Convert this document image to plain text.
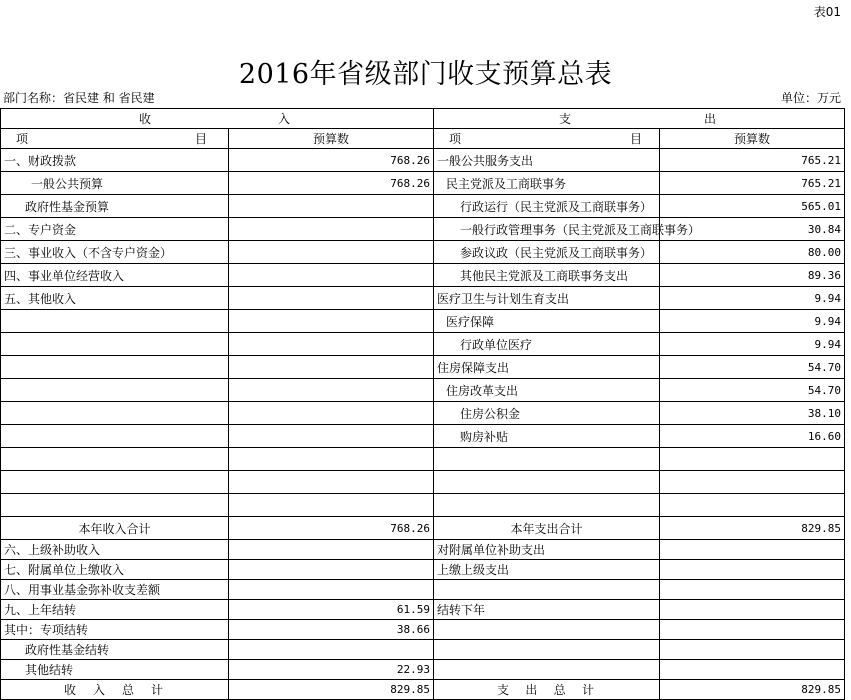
表01
2016年省级部门收支预算总表
部门名称：省民建 和 省民建	单位：万元
收 入		支 出	

项 目	预算数	项 目	预算数
一、财政拨款	768.26	一般公共服务支出	765.21
一般公共预算	768.26	民主党派及工商联事务	765.21
政府性基金预算		行政运行（民主党派及工商联事务）	565.01
二、专户资金		一般行政管理事务（民主党派及工商联事务）	30.84
三、事业收入（不含专户资金）		参政议政（民主党派及工商联事务）	80.00
四、事业单位经营收入		其他民主党派及工商联事务支出	89.36
五、其他收入		医疗卫生与计划生育支出	9.94
		医疗保障	9.94
		行政单位医疗	9.94
		住房保障支出	54.70
		住房改革支出	54.70
		住房公积金	38.10
		购房补贴	16.60

本年收入合计	768.26	本年支出合计	829.85
六、上级补助收入		对附属单位补助支出	
七、附属单位上缴收入		上缴上级支出	
八、用事业基金弥补收支差额			
九、上年结转	61.59	结转下年	
其中：专项结转	38.66		
政府性基金结转			
其他结转	22.93		

收 入 总 计	829.85	支 出 总 计	829.85
